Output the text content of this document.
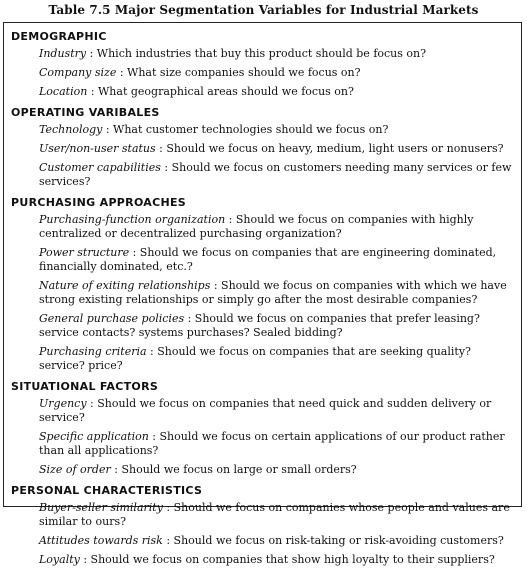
Table 7.5 Major Segmentation Variables for Industrial Markets
DEMOGRAPHIC
Industry : Which industries that buy this product should be focus on?
Company size : What size companies should we focus on?
Location : What geographical areas should we focus on?
OPERATING VARIBALES
Technology : What customer technologies should we focus on?
User/non-user status : Should we focus on heavy, medium, light users or nonusers?
Customer capabilities : Should we focus on customers needing many services or few services?
PURCHASING APPROACHES
Purchasing-function organization : Should we focus on companies with highly centralized or decentralized purchasing organization?
Power structure : Should we focus on companies that are engineering dominated, financially dominated, etc.?
Nature of exiting relationships : Should we focus on companies with which we have strong existing relationships or simply go after the most desirable companies?
General purchase policies : Should we focus on companies that prefer leasing? service contacts? systems purchases? Sealed bidding?
Purchasing criteria : Should we focus on companies that are seeking quality? service? price?
SITUATIONAL FACTORS
Urgency : Should we focus on companies that need quick and sudden delivery or service?
Specific application : Should we focus on certain applications of our product rather than all applications?
Size of order : Should we focus on large or small orders?
PERSONAL CHARACTERISTICS
Buyer-seller similarity : Should we focus on companies whose people and values are similar to ours?
Attitudes towards risk : Should we focus on risk-taking or risk-avoiding customers?
Loyalty : Should we focus on companies that show high loyalty to their suppliers?
